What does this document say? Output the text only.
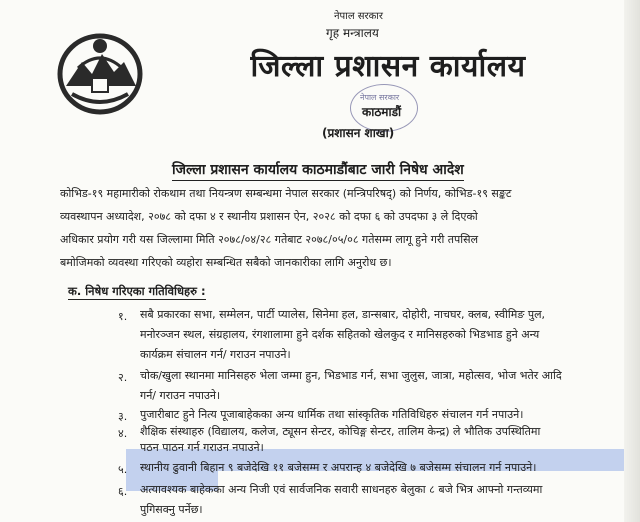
नेपाल सरकार
गृह मन्त्रालय
जिल्ला प्रशासन कार्यालय
नेपाल सरकार
काठमाडौं
(प्रशासन शाखा)
जिल्ला प्रशासन कार्यालय काठमाडौंबाट जारी निषेध आदेश
कोभिड-१९ महामारीको रोकथाम तथा नियन्त्रण सम्बन्धमा नेपाल सरकार (मन्त्रिपरिषद्) को निर्णय, कोभिड-१९ सङ्कट
व्यवस्थापन अध्यादेश, २०७८ को दफा ४ र स्थानीय प्रशासन ऐन, २०२८ को दफा ६ को उपदफा ३ ले दिएको
अधिकार प्रयोग गरी यस जिल्लामा मिति २०७८/०४/२८ गतेबाट २०७८/०५/०८ गतेसम्म लागू हुने गरी तपसिल
बमोजिमको व्यवस्था गरिएको व्यहोरा सम्बन्धित सबैको जानकारीका लागि अनुरोध छ।
क. निषेध गरिएका गतिविधिहरु :
१. सबै प्रकारका सभा, सम्मेलन, पार्टी प्यालेस, सिनेमा हल, डान्सबार, दोहोरी, नाचघर, क्लब, स्वीमिङ पुल,
मनोरञ्जन स्थल, संग्रहालय, रंगशालामा हुने दर्शक सहितको खेलकुद र मानिसहरुको भिडभाड हुने अन्य
कार्यक्रम संचालन गर्न/ गराउन नपाउने।
२. चोक/खुला स्थानमा मानिसहरु भेला जम्मा हुन, भिडभाड गर्न, सभा जुलुस, जात्रा, महोत्सव, भोज भतेर आदि
गर्न/ गराउन नपाउने।
३. पुजारीबाट हुने नित्य पूजाबाहेकका अन्य धार्मिक तथा सांस्कृतिक गतिविधिहरु संचालन गर्न नपाउने।
४. शैक्षिक संस्थाहरु (विद्यालय, कलेज, ट्यूसन सेन्टर, कोचिङ्ग सेन्टर, तालिम केन्द्र) ले भौतिक उपस्थितिमा
पठन पाठन गर्न गराउन नपाउने।
५. स्थानीय ढुवानी बिहान ९ बजेदेखि ११ बजेसम्म र अपरान्ह ४ बजेदेखि ७ बजेसम्म संचालन गर्न नपाउने।
६. अत्यावश्यक बाहेकका अन्य निजी एवं सार्वजनिक सवारी साधनहरु बेलुका ८ बजे भित्र आफ्नो गन्तव्यमा
पुगिसक्नु पर्नेछ।
